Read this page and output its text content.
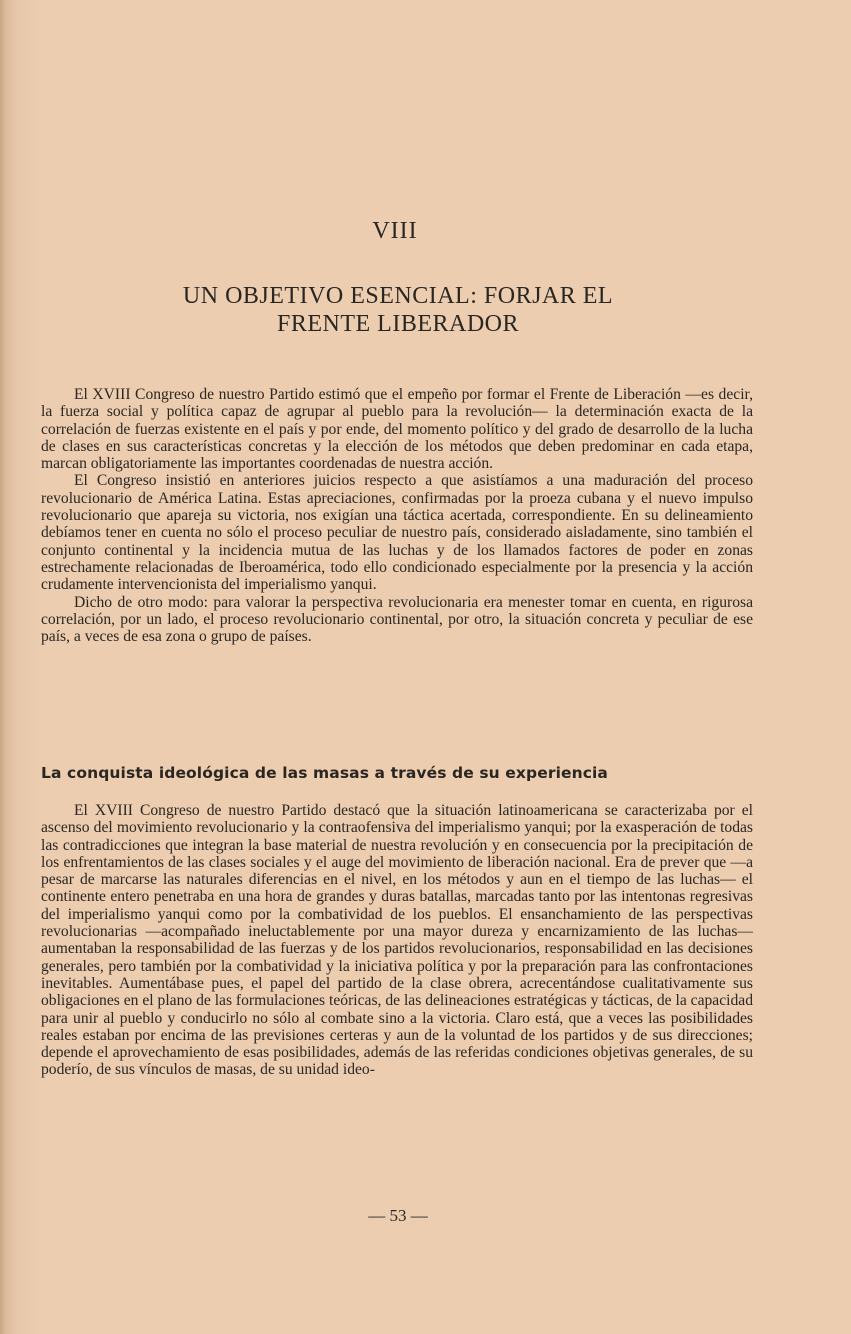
VIII
UN OBJETIVO ESENCIAL: FORJAR EL
FRENTE LIBERADOR

El XVIII Congreso de nuestro Partido estimó que el empeño por formar el Frente de Liberación —es decir, la fuerza social y política capaz de agrupar al pueblo para la revolución— la determinación exacta de la correlación de fuerzas existente en el país y por ende, del momento político y del grado de desarrollo de la lucha de clases en sus características concretas y la elección de los métodos que deben predominar en cada etapa, marcan obligatoriamente las importantes coordenadas de nuestra acción.

El Congreso insistió en anteriores juicios respecto a que asistíamos a una maduración del proceso revolucionario de América Latina. Estas apreciaciones, confirmadas por la proeza cubana y el nuevo impulso revolucionario que apareja su victoria, nos exigían una táctica acertada, correspondiente. En su delineamiento debíamos tener en cuenta no sólo el proceso peculiar de nuestro país, considerado aisladamente, sino también el conjunto continental y la incidencia mutua de las luchas y de los llamados factores de poder en zonas estrechamente relacionadas de Iberoamérica, todo ello condicionado especialmente por la presencia y la acción crudamente intervencionista del imperialismo yanqui.

Dicho de otro modo: para valorar la perspectiva revolucionaria era menester tomar en cuenta, en rigurosa correlación, por un lado, el proceso revolucionario continental, por otro, la situación concreta y peculiar de ese país, a veces de esa zona o grupo de países.

La conquista ideológica de las masas a través de su experiencia

El XVIII Congreso de nuestro Partido destacó que la situación latinoamericana se caracterizaba por el ascenso del movimiento revolucionario y la contraofensiva del imperialismo yanqui; por la exasperación de todas las contradicciones que integran la base material de nuestra revolución y en consecuencia por la precipitación de los enfrentamientos de las clases sociales y el auge del movimiento de liberación nacional. Era de prever que —a pesar de marcarse las naturales diferencias en el nivel, en los métodos y aun en el tiempo de las luchas— el continente entero penetraba en una hora de grandes y duras batallas, marcadas tanto por las intentonas regresivas del imperialismo yanqui como por la combatividad de los pueblos. El ensanchamiento de las perspectivas revolucionarias —acompañado ineluctablemente por una mayor dureza y encarnizamiento de las luchas— aumentaban la responsabilidad de las fuerzas y de los partidos revolucionarios, responsabilidad en las decisiones generales, pero también por la combatividad y la iniciativa política y por la preparación para las confrontaciones inevitables. Aumentábase pues, el papel del partido de la clase obrera, acrecentándose cualitativamente sus obligaciones en el plano de las formulaciones teóricas, de las delineaciones estratégicas y tácticas, de la capacidad para unir al pueblo y conducirlo no sólo al combate sino a la victoria. Claro está, que a veces las posibilidades reales estaban por encima de las previsiones certeras y aun de la voluntad de los partidos y de sus direcciones; depende el aprovechamiento de esas posibilidades, además de las referidas condiciones objetivas generales, de su poderío, de sus vínculos de masas, de su unidad ideo-

— 53 —
